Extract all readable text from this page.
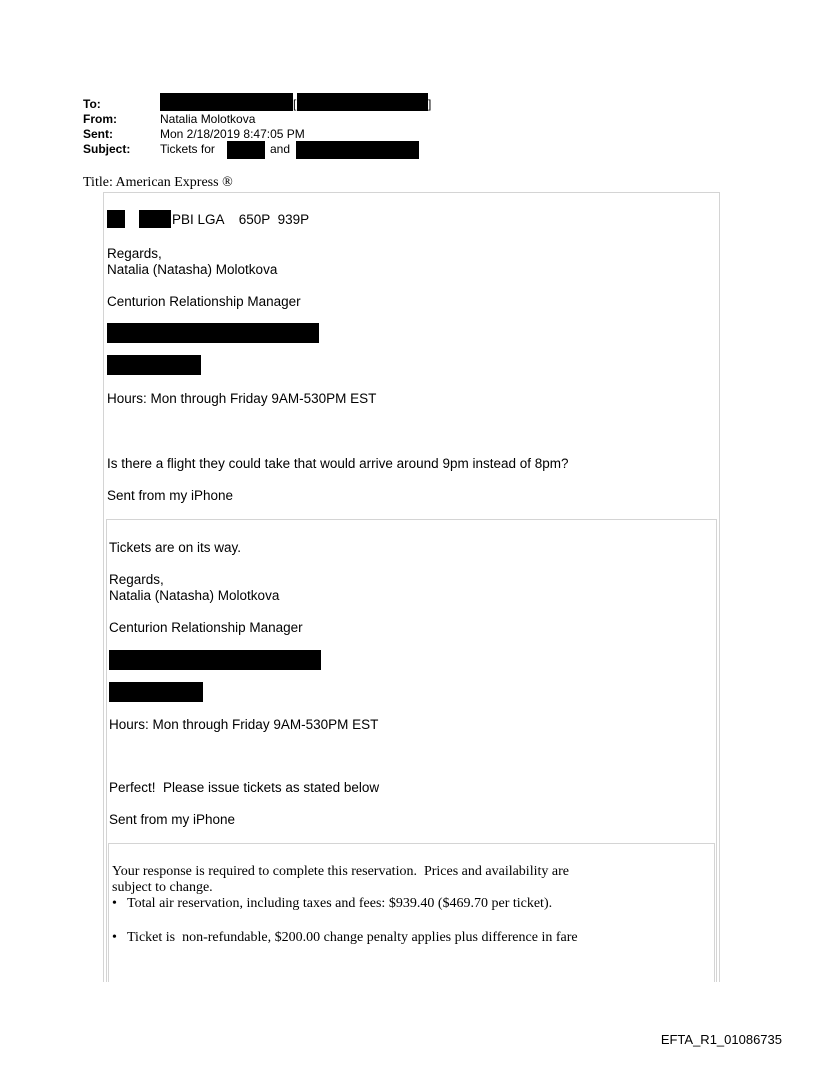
To:	[	]
From:	Natalia Molotkova
Sent:	Mon 2/18/2019 8:47:05 PM
Subject: Tickets for	and
Title: American Express ®
PBI LGA    650P  939P
Regards,
Natalia (Natasha) Molotkova
Centurion Relationship Manager
Hours: Mon through Friday 9AM-530PM EST
Is there a flight they could take that would arrive around 9pm instead of 8pm?
Sent from my iPhone
Tickets are on its way.
Regards,
Natalia (Natasha) Molotkova
Centurion Relationship Manager
Hours: Mon through Friday 9AM-530PM EST
Perfect!  Please issue tickets as stated below
Sent from my iPhone
Your response is required to complete this reservation.  Prices and availability are
subject to change.
• Total air reservation, including taxes and fees: $939.40 ($469.70 per ticket).
• Ticket is  non-refundable, $200.00 change penalty applies plus difference in fare
EFTA_R1_01086735
